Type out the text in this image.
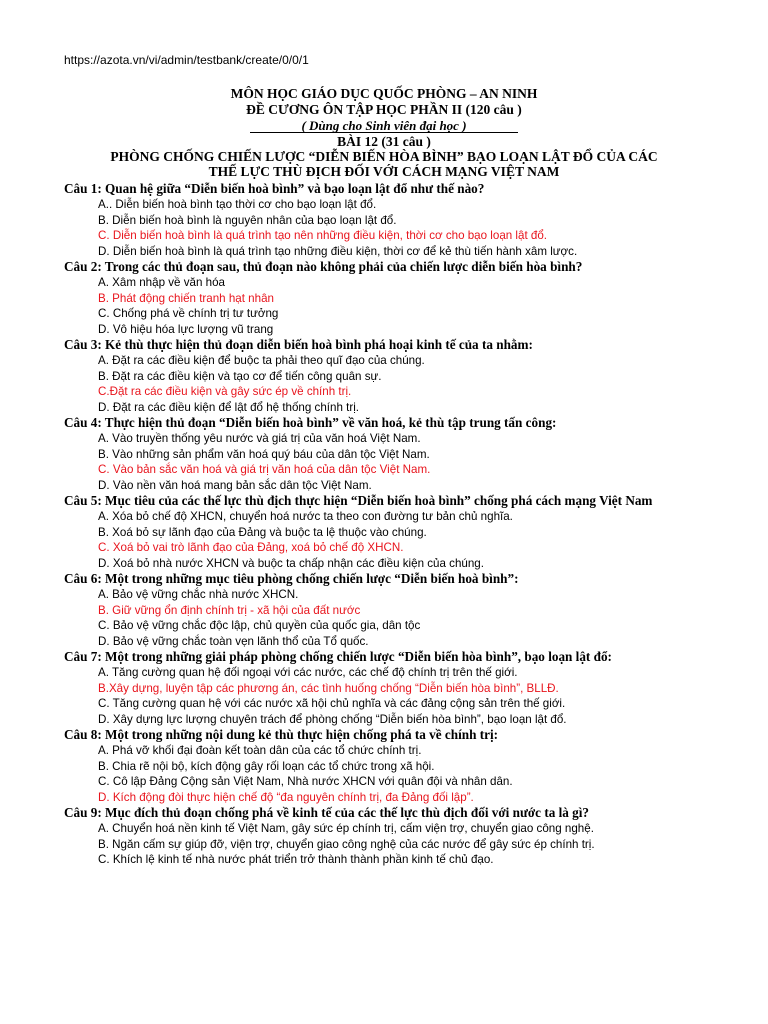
https://azota.vn/vi/admin/testbank/create/0/0/1
MÔN HỌC GIÁO DỤC QUỐC PHÒNG – AN NINH
ĐỀ CƯƠNG ÔN TẬP HỌC PHẦN II (120 câu )
( Dùng cho Sinh viên đại học )
BÀI 12 (31 câu )
PHÒNG CHỐNG CHIẾN LƯỢC “DIỄN BIẾN HÒA BÌNH” BẠO LOẠN LẬT ĐỔ CỦA CÁC
THẾ LỰC THÙ ĐỊCH ĐỐI VỚI CÁCH MẠNG VIỆT NAM
Câu 1: Quan hệ giữa “Diễn biến hoà bình” và bạo loạn lật đổ như thế nào?
A.. Diễn biến hoà bình tạo thời cơ cho bạo loạn lật đổ.
B. Diễn biến hoà bình là nguyên nhân của bạo loạn lật đổ.
C. Diễn biến hoà bình là quá trình tạo nên những điều kiện, thời cơ cho bạo loạn lật đổ.
D. Diễn biến hoà bình là quá trình tạo những điều kiện, thời cơ để kẻ thù tiến hành xâm lược.
Câu 2: Trong các thủ đoạn sau, thủ đoạn nào không phải của chiến lược diễn biến hòa bình?
A. Xâm nhập về văn hóa
B. Phát động chiến tranh hạt nhân
C. Chống phá về chính trị tư tưởng
D. Vô hiệu hóa lực lượng vũ trang
Câu 3: Kẻ thù thực hiện thủ đoạn diễn biến hoà bình phá hoại kinh tế của ta nhằm:
A. Đặt ra các điều kiện để buộc ta phải theo quĩ đạo của chúng.
B. Đặt ra các điều kiện và tạo cơ để tiến công quân sự.
C.Đặt ra các điều kiện và gây sức ép về chính trị.
D. Đặt ra các điều kiện để lật đổ hệ thống chính trị.
Câu 4: Thực hiện thủ đoạn “Diễn biến hoà bình” về văn hoá, kẻ thù tập trung tấn công:
A. Vào truyền thống yêu nước và giá trị của văn hoá Việt Nam.
B. Vào những sản phẩm văn hoá quý báu của dân tộc Việt Nam.
C. Vào bản sắc văn hoá và giá trị văn hoá của dân tộc Việt Nam.
D. Vào nền văn hoá mang bản sắc dân tộc Việt Nam.
Câu 5: Mục tiêu của các thế lực thù địch thực hiện “Diễn biến hoà bình” chống phá cách mạng Việt Nam
A. Xóa bỏ chế độ XHCN, chuyển hoá nước ta theo con đường tư bản chủ nghĩa.
B. Xoá bỏ sự lãnh đạo của Đảng và buộc ta lệ thuộc vào chúng.
C. Xoá bỏ vai trò lãnh đạo của Đảng, xoá bỏ chế độ XHCN.
D. Xoá bỏ nhà nước XHCN và buộc ta chấp nhận các điều kiện của chúng.
Câu 6: Một trong những mục tiêu phòng chống chiến lược “Diễn biến hoà bình”:
A. Bảo vệ vững chắc nhà nước XHCN.
B. Giữ vững ổn định chính trị - xã hội của đất nước
C. Bảo vệ vững chắc độc lập, chủ quyền của quốc gia, dân tộc
D. Bảo vệ vững chắc toàn vẹn lãnh thổ của Tổ quốc.
Câu 7: Một trong những giải pháp phòng chống chiến lược “Diễn biến hòa bình”, bạo loạn lật đổ:
A. Tăng cường quan hệ đối ngoại với các nước, các chế độ chính trị trên thế giới.
B.Xây dựng, luyện tập các phương án, các tình huống chống “Diễn biến hòa bình”, BLLĐ.
C. Tăng cường quan hệ với các nước xã hội chủ nghĩa và các đảng cộng sản trên thế giới.
D. Xây dựng lực lượng chuyên trách để phòng chống “Diễn biến hòa bình”, bạo loạn lật đổ.
Câu 8: Một trong những nội dung kẻ thù thực hiện chống phá ta về chính trị:
A. Phá vỡ khối đại đoàn kết toàn dân của các tổ chức chính trị.
B. Chia rẽ nội bộ, kích động gây rối loạn các tổ chức trong xã hội.
C. Cô lập Đảng Cộng sản Việt Nam, Nhà nước XHCN với quân đội và nhân dân.
D. Kích động đòi thực hiện chế độ “đa nguyên chính trị, đa Đảng đối lập”.
Câu 9: Mục đích thủ đoạn chống phá về kinh tế của các thế lực thù địch đối với nước ta là gì?
A. Chuyển hoá nền kinh tế Việt Nam, gây sức ép chính trị, cấm viện trợ, chuyển giao công nghệ.
B. Ngăn cấm sự giúp đỡ, viện trợ, chuyển giao công nghệ của các nước để gây sức ép chính trị.
C. Khích lệ kinh tế nhà nước phát triển trở thành thành phần kinh tế chủ đạo.
